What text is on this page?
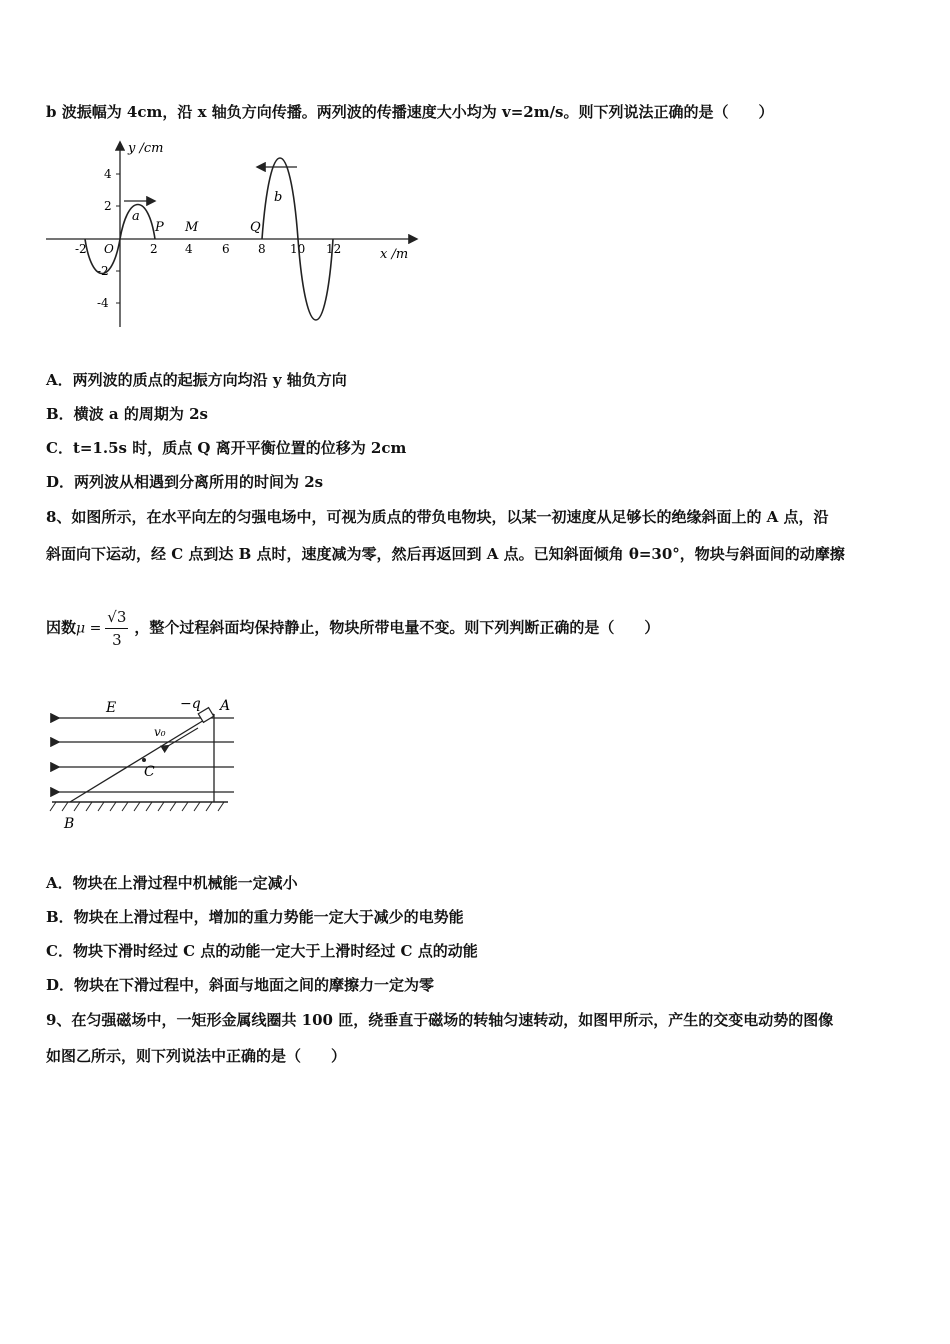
b 波振幅为 4cm，沿 x 轴负方向传播。两列波的传播速度大小均为 v=2m/s。则下列说法正确的是（　　）
y /cm
x /m
O
4
2
-2
-4
-2	2 4 6 8 10 12
a
b
P M	Q
A．两列波的质点的起振方向均沿 y 轴负方向
B．横波 a 的周期为 2s
C．t=1.5s 时，质点 Q 离开平衡位置的位移为 2cm
D．两列波从相遇到分离所用的时间为 2s
8、如图所示，在水平向左的匀强电场中，可视为质点的带负电物块，以某一初速度从足够长的绝缘斜面上的 A 点，沿
斜面向下运动，经 C 点到达 B 点时，速度减为零，然后再返回到 A 点。已知斜面倾角 θ=30°，物块与斜面间的动摩擦
因数$\mu = \frac{√3}{3}$ ，整个过程斜面均保持静止，物块所带电量不变。则下列判断正确的是（　　）
E	−q A
v₀
C
B
A．物块在上滑过程中机械能一定减小
B．物块在上滑过程中，增加的重力势能一定大于减少的电势能
C．物块下滑时经过 C 点的动能一定大于上滑时经过 C 点的动能
D．物块在下滑过程中，斜面与地面之间的摩擦力一定为零
9、在匀强磁场中，一矩形金属线圈共 100 匝，绕垂直于磁场的转轴匀速转动，如图甲所示，产生的交变电动势的图像
如图乙所示，则下列说法中正确的是（　　）
